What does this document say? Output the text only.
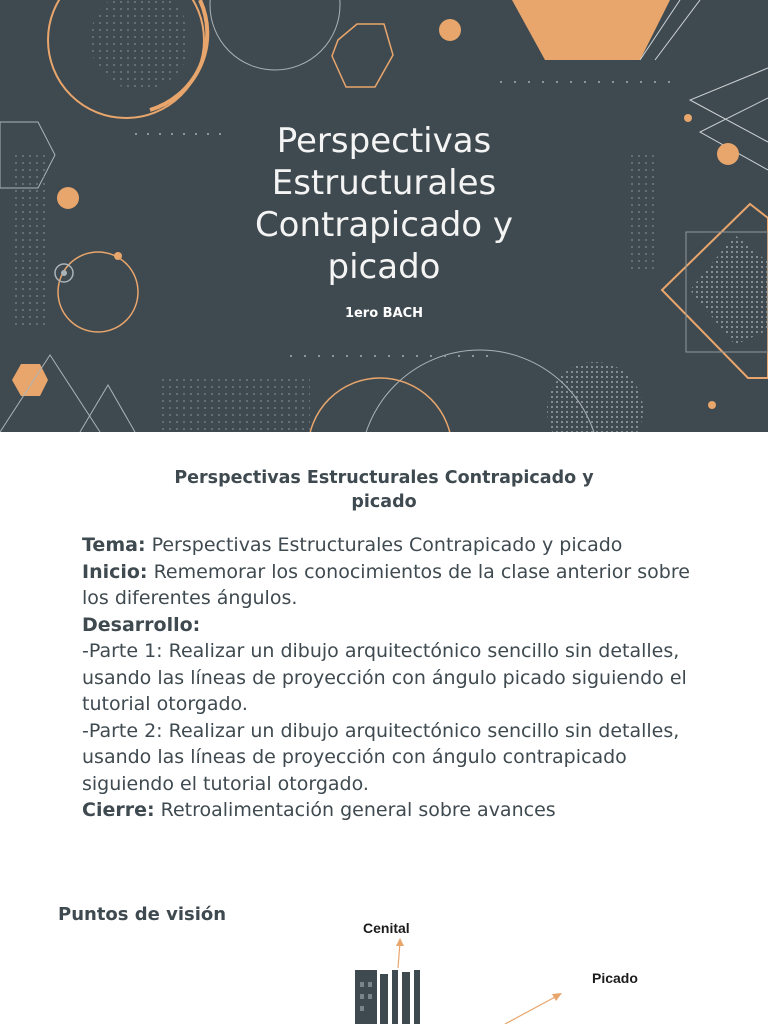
Perspectivas
Estructurales
Contrapicado y
picado
1ero BACH
Perspectivas Estructurales Contrapicado y
picado

Tema: Perspectivas Estructurales Contrapicado y picado

Inicio: Rememorar los conocimientos de la clase anterior sobre los diferentes ángulos.

Desarrollo:

-Parte 1: Realizar un dibujo arquitectónico sencillo sin detalles, usando las líneas de proyección con ángulo picado siguiendo el tutorial otorgado.

-Parte 2: Realizar un dibujo arquitectónico sencillo sin detalles, usando las líneas de proyección con ángulo contrapicado siguiendo el tutorial otorgado.

Cierre: Retroalimentación general sobre avances

Puntos de visión
Cenital
Picado
